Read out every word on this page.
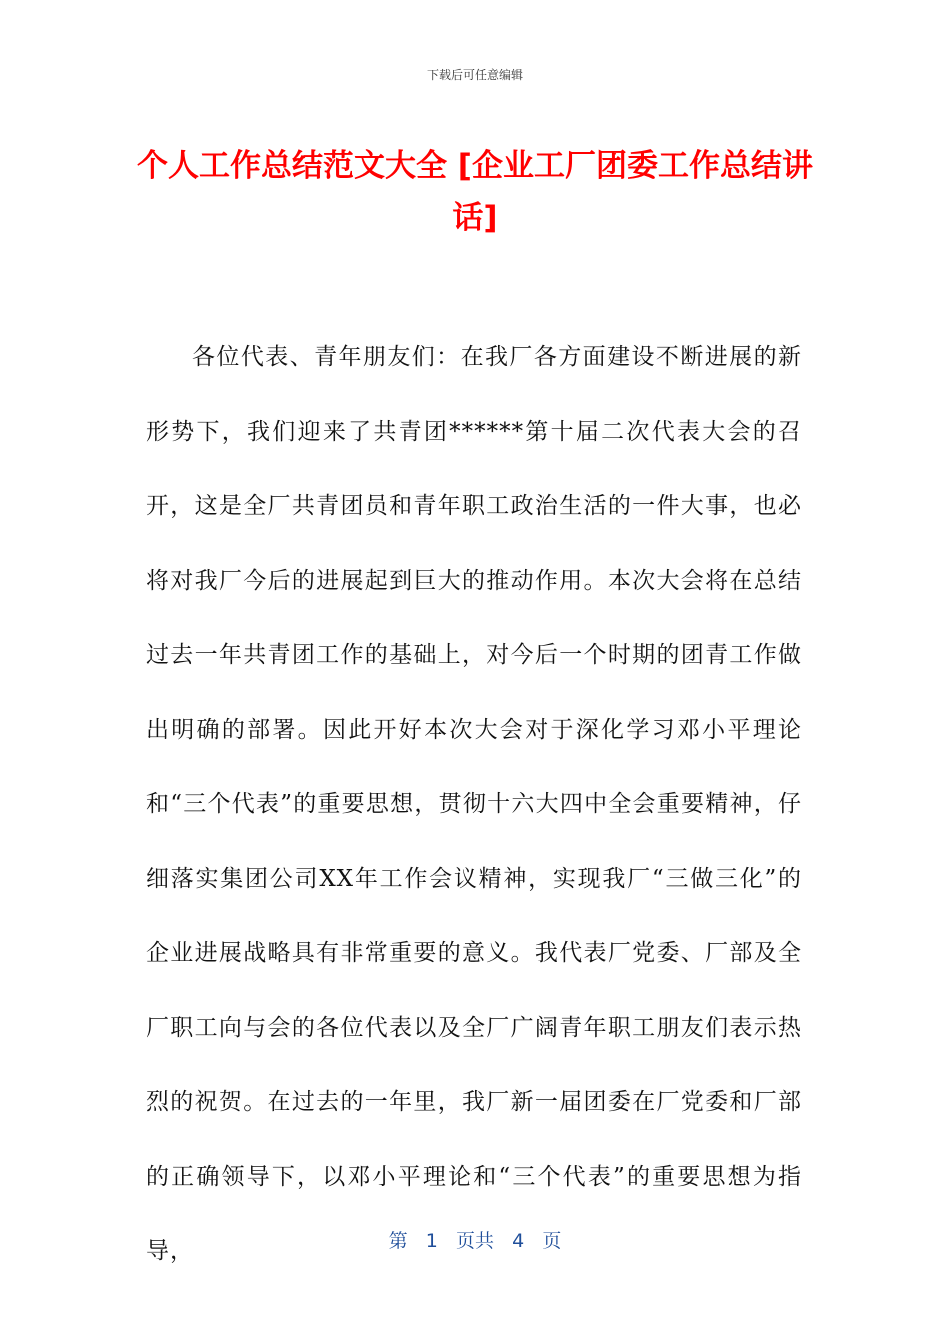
下载后可任意编辑
个人工作总结范文大全 [企业工厂团委工作总结讲话]

各位代表、青年朋友们：在我厂各方面建设不断进展的新形势下，我们迎来了共青团******第十届二次代表大会的召开，这是全厂共青团员和青年职工政治生活的一件大事，也必将对我厂今后的进展起到巨大的推动作用。本次大会将在总结过去一年共青团工作的基础上，对今后一个时期的团青工作做出明确的部署。因此开好本次大会对于深化学习邓小平理论和“三个代表”的重要思想，贯彻十六大四中全会重要精神，仔细落实集团公司XX年工作会议精神，实现我厂“三做三化”的企业进展战略具有非常重要的意义。我代表厂党委、厂部及全厂职工向与会的各位代表以及全厂广阔青年职工朋友们表示热烈的祝贺。在过去的一年里，我厂新一届团委在厂党委和厂部的正确领导下，以邓小平理论和“三个代表”的重要思想为指导，	第 1 页共 4 页
